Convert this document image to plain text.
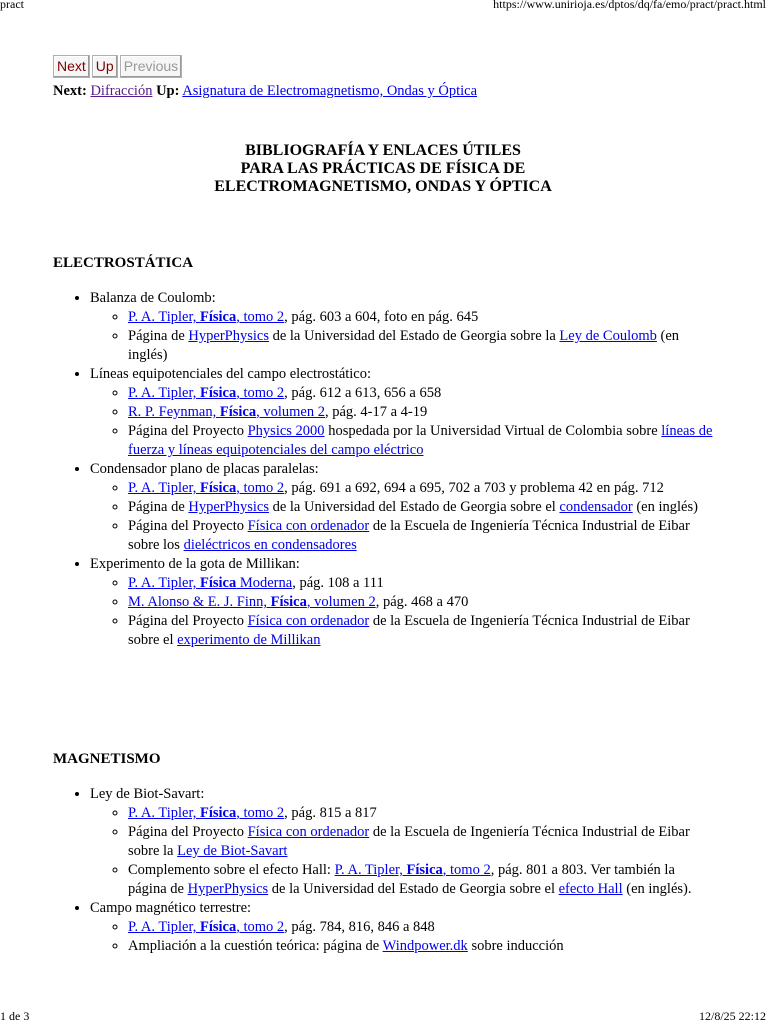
pract	https://www.unirioja.es/dptos/dq/fa/emo/pract/pract.html
Next Up Previous
Next: Difracción Up: Asignatura de Electromagnetismo, Ondas y Óptica
BIBLIOGRAFÍA Y ENLACES ÚTILES
PARA LAS PRÁCTICAS DE FÍSICA DE
ELECTROMAGNETISMO, ONDAS Y ÓPTICA
ELECTROSTÁTICA
• Balanza de Coulomb:
◦ P. A. Tipler, Física, tomo 2, pág. 603 a 604, foto en pág. 645
◦ Página de HyperPhysics de la Universidad del Estado de Georgia sobre la Ley de Coulomb (en inglés)
• Líneas equipotenciales del campo electrostático:
◦ P. A. Tipler, Física, tomo 2, pág. 612 a 613, 656 a 658
◦ R. P. Feynman, Física, volumen 2, pág. 4-17 a 4-19
◦ Página del Proyecto Physics 2000 hospedada por la Universidad Virtual de Colombia sobre líneas de fuerza y líneas equipotenciales del campo eléctrico
• Condensador plano de placas paralelas:
◦ P. A. Tipler, Física, tomo 2, pág. 691 a 692, 694 a 695, 702 a 703 y problema 42 en pág. 712
◦ Página de HyperPhysics de la Universidad del Estado de Georgia sobre el condensador (en inglés)
◦ Página del Proyecto Física con ordenador de la Escuela de Ingeniería Técnica Industrial de Eibar sobre los dieléctricos en condensadores
• Experimento de la gota de Millikan:
◦ P. A. Tipler, Física Moderna, pág. 108 a 111
◦ M. Alonso & E. J. Finn, Física, volumen 2, pág. 468 a 470
◦ Página del Proyecto Física con ordenador de la Escuela de Ingeniería Técnica Industrial de Eibar sobre el experimento de Millikan
MAGNETISMO
• Ley de Biot-Savart:
◦ P. A. Tipler, Física, tomo 2, pág. 815 a 817
◦ Página del Proyecto Física con ordenador de la Escuela de Ingeniería Técnica Industrial de Eibar sobre la Ley de Biot-Savart
◦ Complemento sobre el efecto Hall: P. A. Tipler, Física, tomo 2, pág. 801 a 803. Ver también la página de HyperPhysics de la Universidad del Estado de Georgia sobre el efecto Hall (en inglés).
• Campo magnético terrestre:
◦ P. A. Tipler, Física, tomo 2, pág. 784, 816, 846 a 848
◦ Ampliación a la cuestión teórica: página de Windpower.dk sobre inducción
1 de 3	12/8/25 22:12
